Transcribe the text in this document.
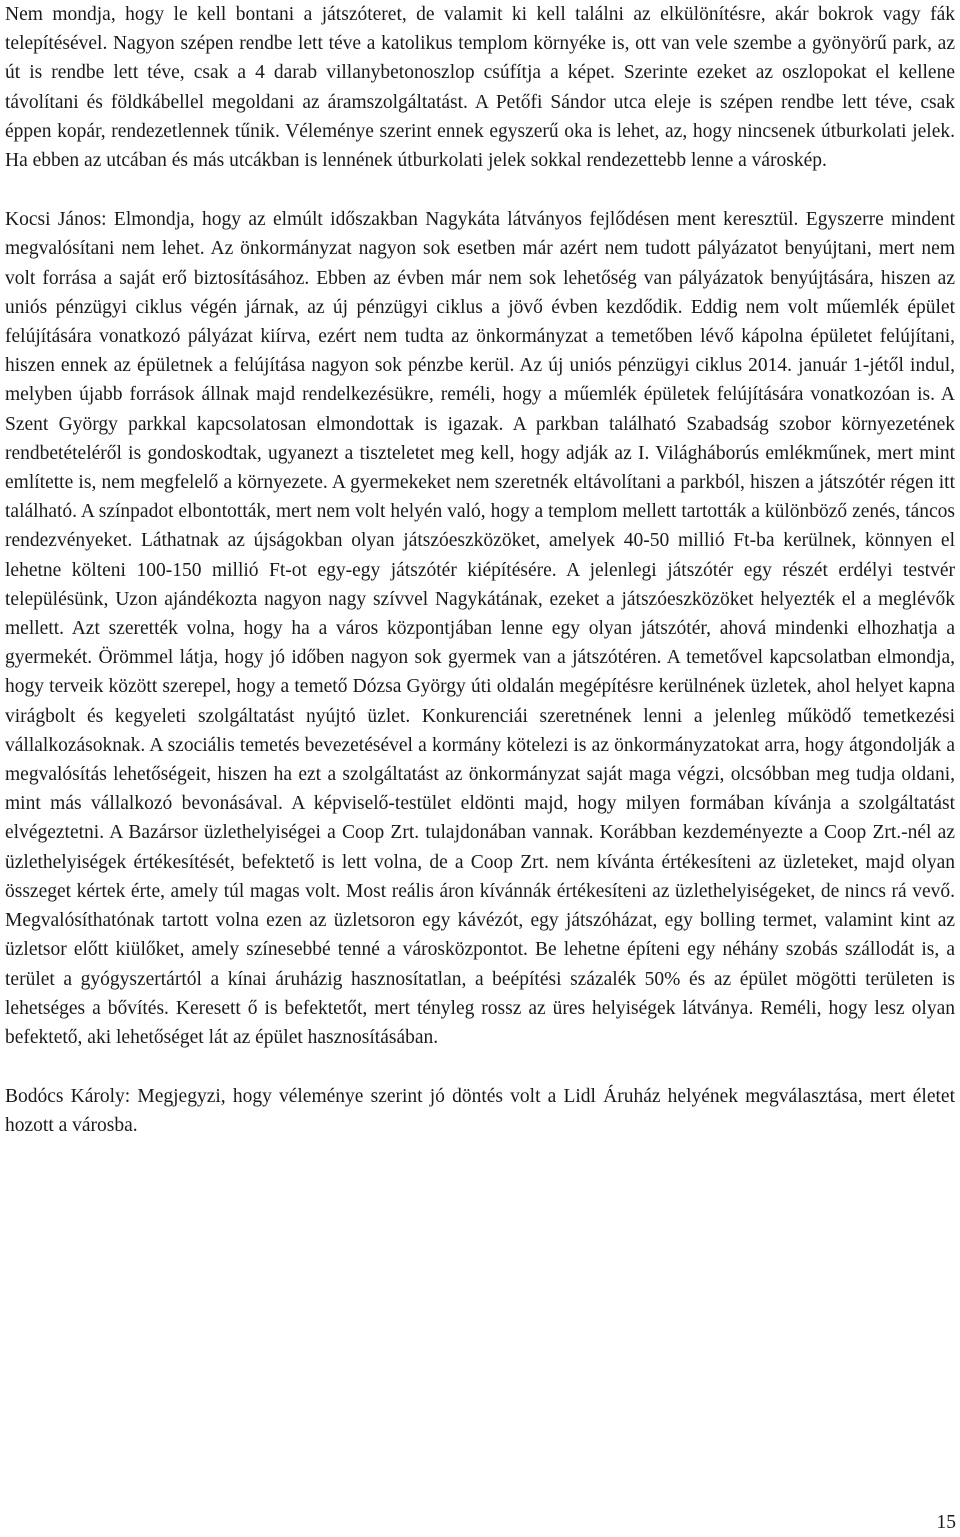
Nem mondja, hogy le kell bontani a játszóteret, de valamit ki kell találni az elkülönítésre, akár bokrok vagy fák telepítésével. Nagyon szépen rendbe lett téve a katolikus templom környéke is, ott van vele szembe a gyönyörű park, az út is rendbe lett téve, csak a 4 darab villanybetonoszlop csúfítja a képet. Szerinte ezeket az oszlopokat el kellene távolítani és földkábellel megoldani az áramszolgáltatást. A Petőfi Sándor utca eleje is szépen rendbe lett téve, csak éppen kopár, rendezetlennek tűnik. Véleménye szerint ennek egyszerű oka is lehet, az, hogy nincsenek útburkolati jelek. Ha ebben az utcában és más utcákban is lennének útburkolati jelek sokkal rendezettebb lenne a városkép.

Kocsi János: Elmondja, hogy az elmúlt időszakban Nagykáta látványos fejlődésen ment keresztül. Egyszerre mindent megvalósítani nem lehet. Az önkormányzat nagyon sok esetben már azért nem tudott pályázatot benyújtani, mert nem volt forrása a saját erő biztosításához. Ebben az évben már nem sok lehetőség van pályázatok benyújtására, hiszen az uniós pénzügyi ciklus végén járnak, az új pénzügyi ciklus a jövő évben kezdődik. Eddig nem volt műemlék épület felújítására vonatkozó pályázat kiírva, ezért nem tudta az önkormányzat a temetőben lévő kápolna épületet felújítani, hiszen ennek az épületnek a felújítása nagyon sok pénzbe kerül. Az új uniós pénzügyi ciklus 2014. január 1-jétől indul, melyben újabb források állnak majd rendelkezésükre, reméli, hogy a műemlék épületek felújítására vonatkozóan is. A Szent György parkkal kapcsolatosan elmondottak is igazak. A parkban található Szabadság szobor környezetének rendbetételéről is gondoskodtak, ugyanezt a tiszteletet meg kell, hogy adják az I. Világháborús emlékműnek, mert mint említette is, nem megfelelő a környezete. A gyermekeket nem szeretnék eltávolítani a parkból, hiszen a játszótér régen itt található. A színpadot elbontották, mert nem volt helyén való, hogy a templom mellett tartották a különböző zenés, táncos rendezvényeket. Láthatnak az újságokban olyan játszóeszközöket, amelyek 40-50 millió Ft-ba kerülnek, könnyen el lehetne költeni 100-150 millió Ft-ot egy-egy játszótér kiépítésére. A jelenlegi játszótér egy részét erdélyi testvér településünk, Uzon ajándékozta nagyon nagy szívvel Nagykátának, ezeket a játszóeszközöket helyezték el a meglévők mellett. Azt szerették volna, hogy ha a város központjában lenne egy olyan játszótér, ahová mindenki elhozhatja a gyermekét. Örömmel látja, hogy jó időben nagyon sok gyermek van a játszótéren. A temetővel kapcsolatban elmondja, hogy terveik között szerepel, hogy a temető Dózsa György úti oldalán megépítésre kerülnének üzletek, ahol helyet kapna virágbolt és kegyeleti szolgáltatást nyújtó üzlet. Konkurenciái szeretnének lenni a jelenleg működő temetkezési vállalkozásoknak. A szociális temetés bevezetésével a kormány kötelezi is az önkormányzatokat arra, hogy átgondolják a megvalósítás lehetőségeit, hiszen ha ezt a szolgáltatást az önkormányzat saját maga végzi, olcsóbban meg tudja oldani, mint más vállalkozó bevonásával. A képviselő-testület eldönti majd, hogy milyen formában kívánja a szolgáltatást elvégeztetni. A Bazársor üzlethelyiségei a Coop Zrt. tulajdonában vannak. Korábban kezdeményezte a Coop Zrt.-nél az üzlethelyiségek értékesítését, befektető is lett volna, de a Coop Zrt. nem kívánta értékesíteni az üzleteket, majd olyan összeget kértek érte, amely túl magas volt. Most reális áron kívánnák értékesíteni az üzlethelyiségeket, de nincs rá vevő. Megvalósíthatónak tartott volna ezen az üzletsoron egy kávézót, egy játszóházat, egy bolling termet, valamint kint az üzletsor előtt kiülőket, amely színesebbé tenné a városközpontot. Be lehetne építeni egy néhány szobás szállodát is, a terület a gyógyszertártól a kínai áruházig hasznosítatlan, a beépítési százalék 50% és az épület mögötti területen is lehetséges a bővítés. Keresett ő is befektetőt, mert tényleg rossz az üres helyiségek látványa. Reméli, hogy lesz olyan befektető, aki lehetőséget lát az épület hasznosításában.

Bodócs Károly: Megjegyzi, hogy véleménye szerint jó döntés volt a Lidl Áruház helyének megválasztása, mert életet hozott a városba.

15
